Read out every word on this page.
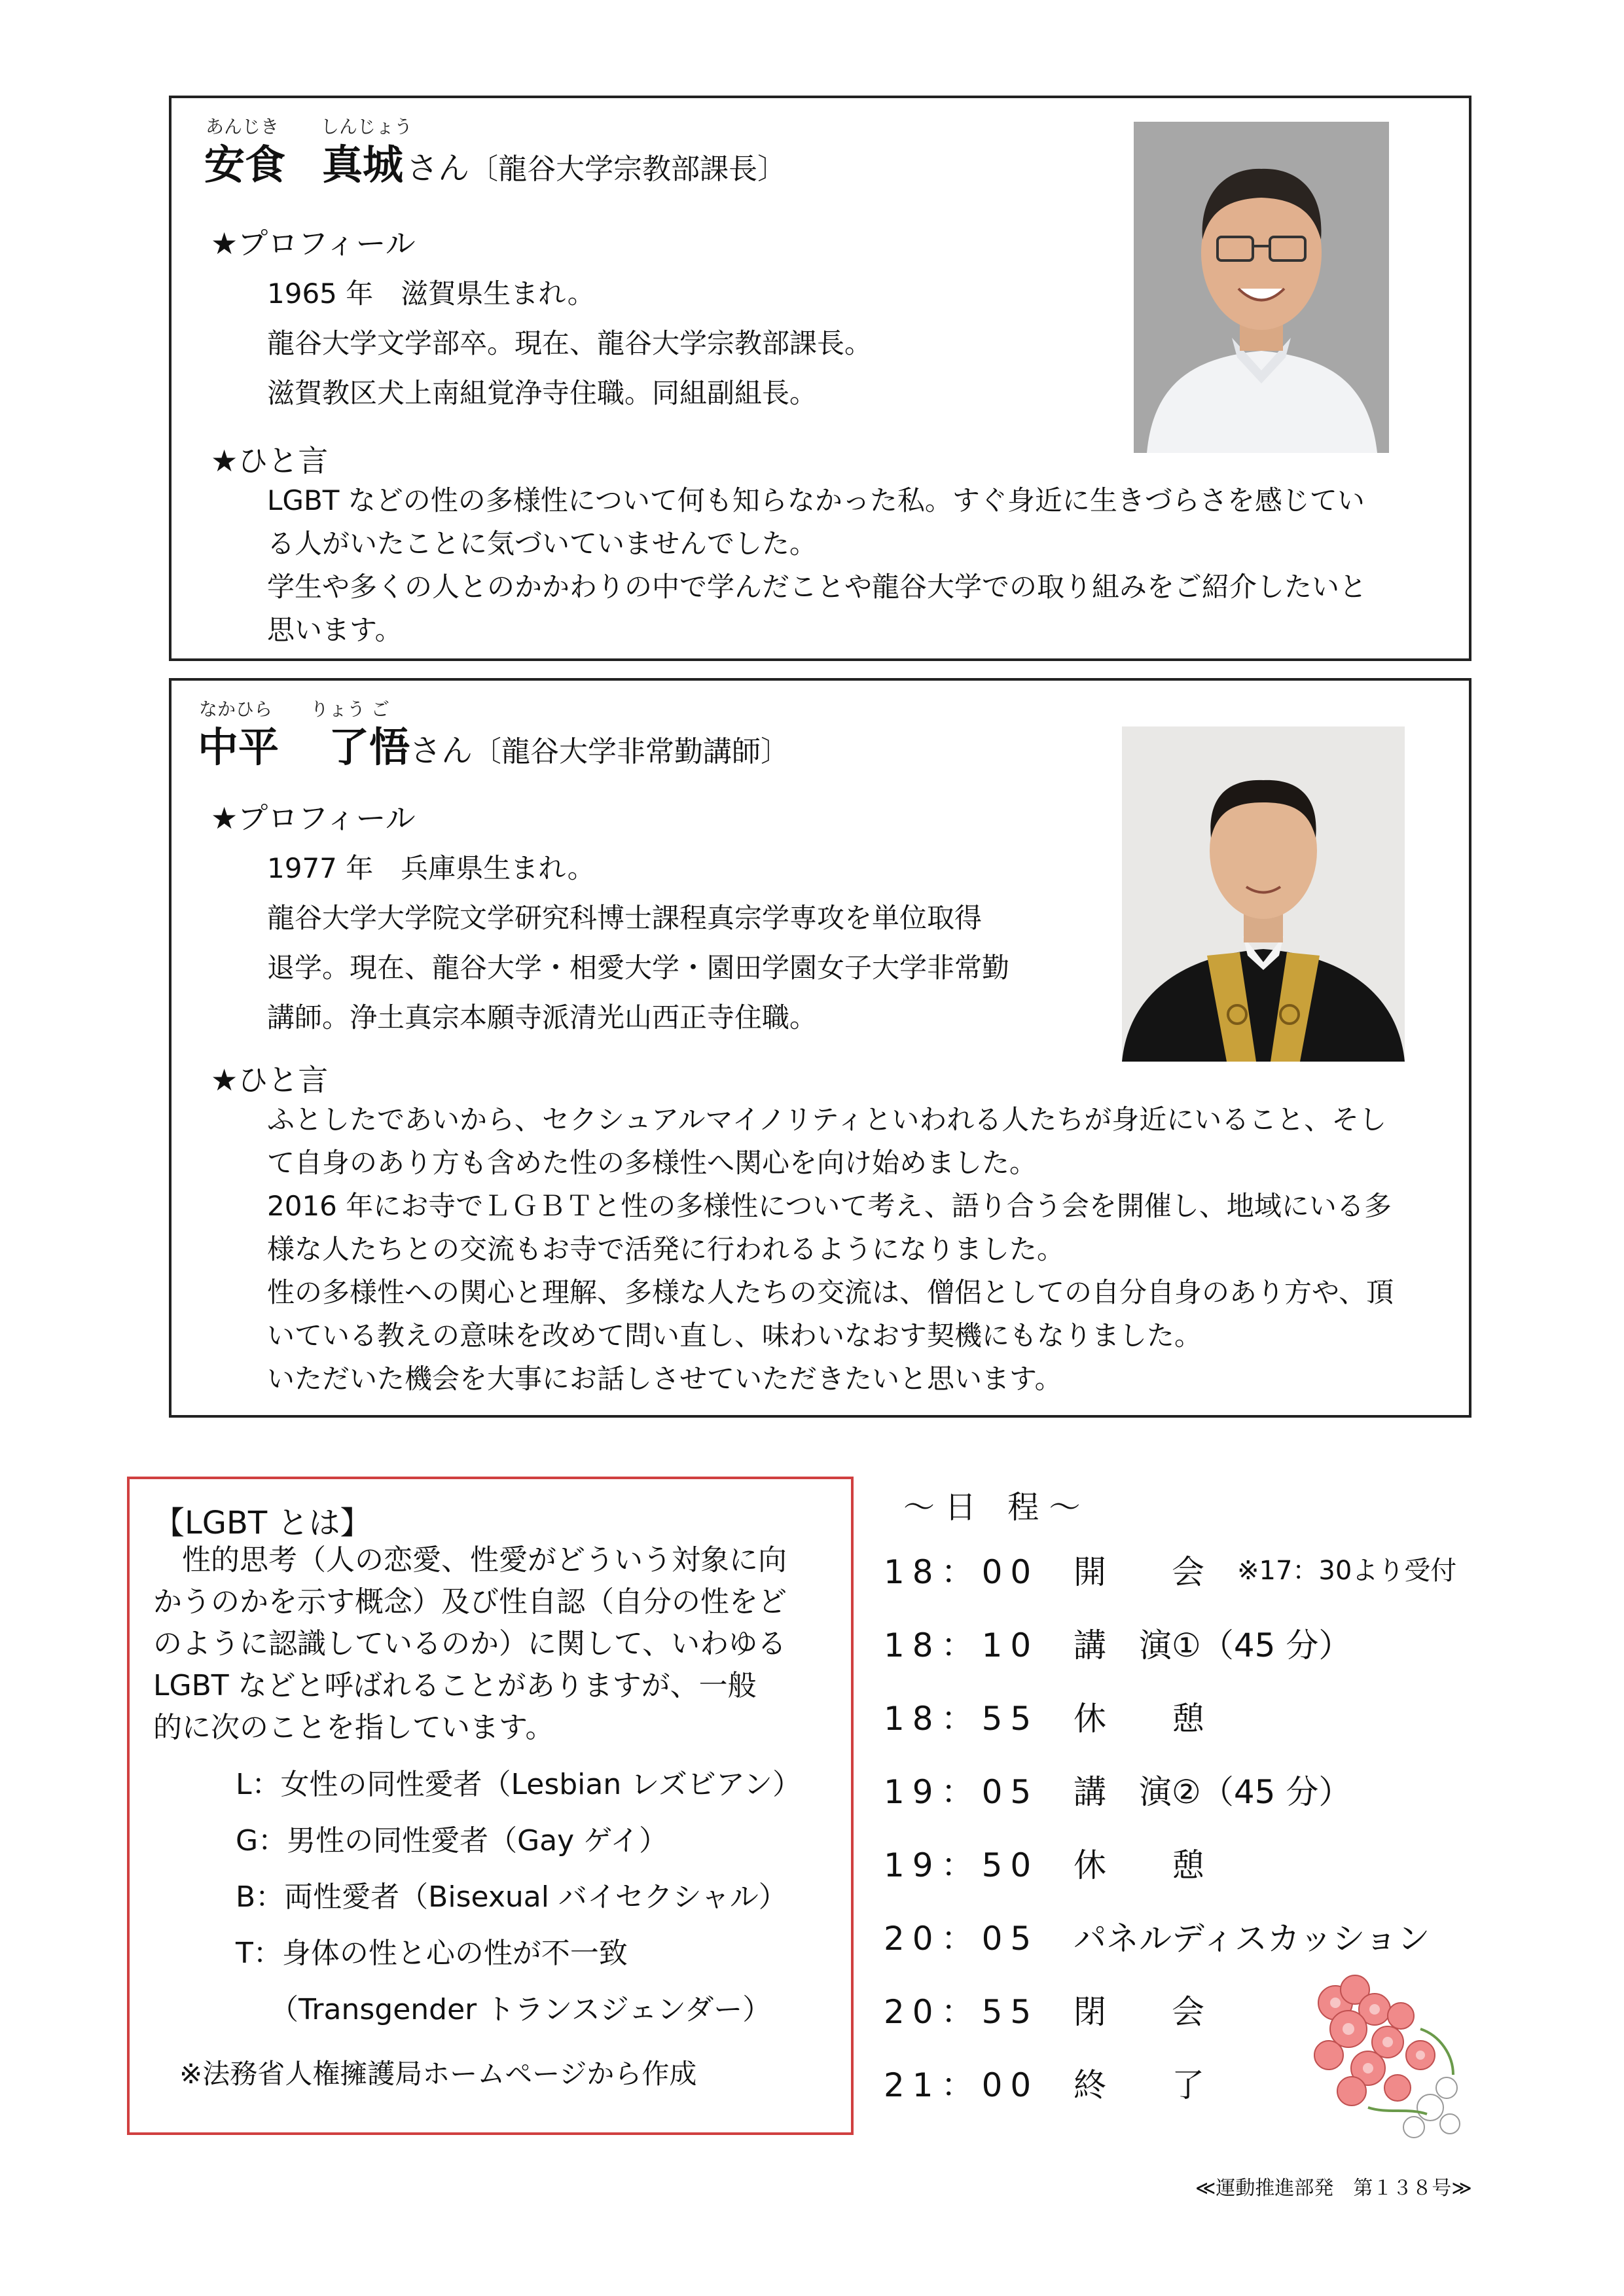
あんじき しんじょう
安食 真城 さん〔龍谷大学宗教部課長〕
★プロフィール
1965 年　滋賀県生まれ。
龍谷大学文学部卒。現在、龍谷大学宗教部課長。
滋賀教区犬上南組覚浄寺住職。同組副組長。
★ひと言
LGBT などの性の多様性について何も知らなかった私。すぐ身近に生きづらさを感じてい
る人がいたことに気づいていませんでした。
学生や多くの人とのかかわりの中で学んだことや龍谷大学での取り組みをご紹介したいと
思います。
なかひら りょう ご
中平 了悟さん〔龍谷大学非常勤講師〕
★プロフィール
1977 年　兵庫県生まれ。
龍谷大学大学院文学研究科博士課程真宗学専攻を単位取得
退学。現在、龍谷大学・相愛大学・園田学園女子大学非常勤
講師。浄土真宗本願寺派清光山西正寺住職。
★ひと言
ふとしたであいから、セクシュアルマイノリティといわれる人たちが身近にいること、そし
て自身のあり方も含めた性の多様性へ関心を向け始めました。
2016 年にお寺でＬＧＢＴと性の多様性について考え、語り合う会を開催し、地域にいる多
様な人たちとの交流もお寺で活発に行われるようになりました。
性の多様性への関心と理解、多様な人たちの交流は、僧侶としての自分自身のあり方や、頂
いている教えの意味を改めて問い直し、味わいなおす契機にもなりました。
いただいた機会を大事にお話しさせていただきたいと思います。
【LGBT とは】
　性的思考（人の恋愛、性愛がどういう対象に向
かうのかを示す概念）及び性自認（自分の性をど
のように認識しているのか）に関して、いわゆる
LGBT などと呼ばれることがありますが、一般
的に次のことを指しています。
L：女性の同性愛者（Lesbian レズビアン）
G：男性の同性愛者（Gay ゲイ）
B：両性愛者（Bisexual バイセクシャル）
T：身体の性と心の性が不一致
（Transgender トランスジェンダー）
※法務省人権擁護局ホームページから作成
～ 日　程 ～
18：00 開　　会 ※17：30より受付
18：10 講　演①（45 分）
18：55 休　　憩
19：05 講　演②（45 分）
19：50 休　　憩
20：05 パネルディスカッション
20：55 閉　　会
21：00 終　　了
≪運動推進部発　第１３８号≫
